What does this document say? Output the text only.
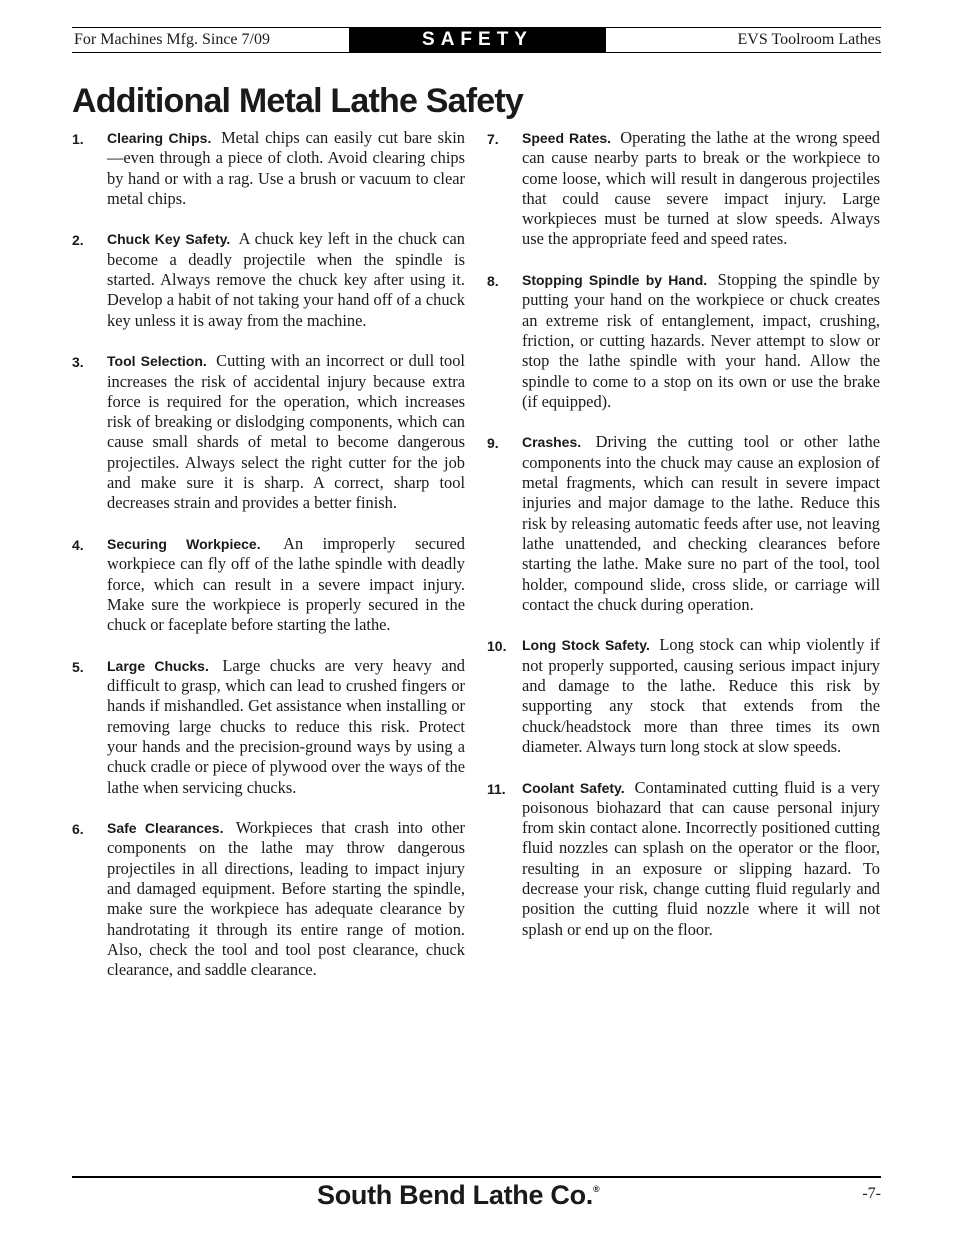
For Machines Mfg. Since 7/09	SAFETY	EVS Toolroom Lathes
Additional Metal Lathe Safety
1. Clearing Chips. Metal chips can easily cut bare skin—even through a piece of cloth. Avoid clearing chips by hand or with a rag. Use a brush or vacuum to clear metal chips.
2. Chuck Key Safety. A chuck key left in the chuck can become a deadly projectile when the spindle is started. Always remove the chuck key after using it. Develop a habit of not taking your hand off of a chuck key unless it is away from the machine.
3. Tool Selection. Cutting with an incorrect or dull tool increases the risk of accidental injury because extra force is required for the operation, which increases risk of breaking or dislodging components, which can cause small shards of metal to become dangerous projectiles. Always select the right cutter for the job and make sure it is sharp. A correct, sharp tool decreases strain and provides a better finish.
4. Securing Workpiece. An improperly secured workpiece can fly off of the lathe spindle with deadly force, which can result in a severe impact injury. Make sure the workpiece is properly secured in the chuck or faceplate before starting the lathe.
5. Large Chucks. Large chucks are very heavy and difficult to grasp, which can lead to crushed fingers or hands if mishandled. Get assistance when installing or removing large chucks to reduce this risk. Protect your hands and the precision-ground ways by using a chuck cradle or piece of plywood over the ways of the lathe when servicing chucks.
6. Safe Clearances. Workpieces that crash into other components on the lathe may throw dangerous projectiles in all directions, leading to impact injury and damaged equipment. Before starting the spindle, make sure the workpiece has adequate clearance by handrotating it through its entire range of motion. Also, check the tool and tool post clearance, chuck clearance, and saddle clearance.
7. Speed Rates. Operating the lathe at the wrong speed can cause nearby parts to break or the workpiece to come loose, which will result in dangerous projectiles that could cause severe impact injury. Large workpieces must be turned at slow speeds. Always use the appropriate feed and speed rates.
8. Stopping Spindle by Hand. Stopping the spindle by putting your hand on the workpiece or chuck creates an extreme risk of entanglement, impact, crushing, friction, or cutting hazards. Never attempt to slow or stop the lathe spindle with your hand. Allow the spindle to come to a stop on its own or use the brake (if equipped).
9. Crashes. Driving the cutting tool or other lathe components into the chuck may cause an explosion of metal fragments, which can result in severe impact injuries and major damage to the lathe. Reduce this risk by releasing automatic feeds after use, not leaving lathe unattended, and checking clearances before starting the lathe. Make sure no part of the tool, tool holder, compound slide, cross slide, or carriage will contact the chuck during operation.
10. Long Stock Safety. Long stock can whip violently if not properly supported, causing serious impact injury and damage to the lathe. Reduce this risk by supporting any stock that extends from the chuck/headstock more than three times its own diameter. Always turn long stock at slow speeds.
11. Coolant Safety. Contaminated cutting fluid is a very poisonous biohazard that can cause personal injury from skin contact alone. Incorrectly positioned cutting fluid nozzles can splash on the operator or the floor, resulting in an exposure or slipping hazard. To decrease your risk, change cutting fluid regularly and position the cutting fluid nozzle where it will not splash or end up on the floor.
South Bend Lathe Co.®	-7-
